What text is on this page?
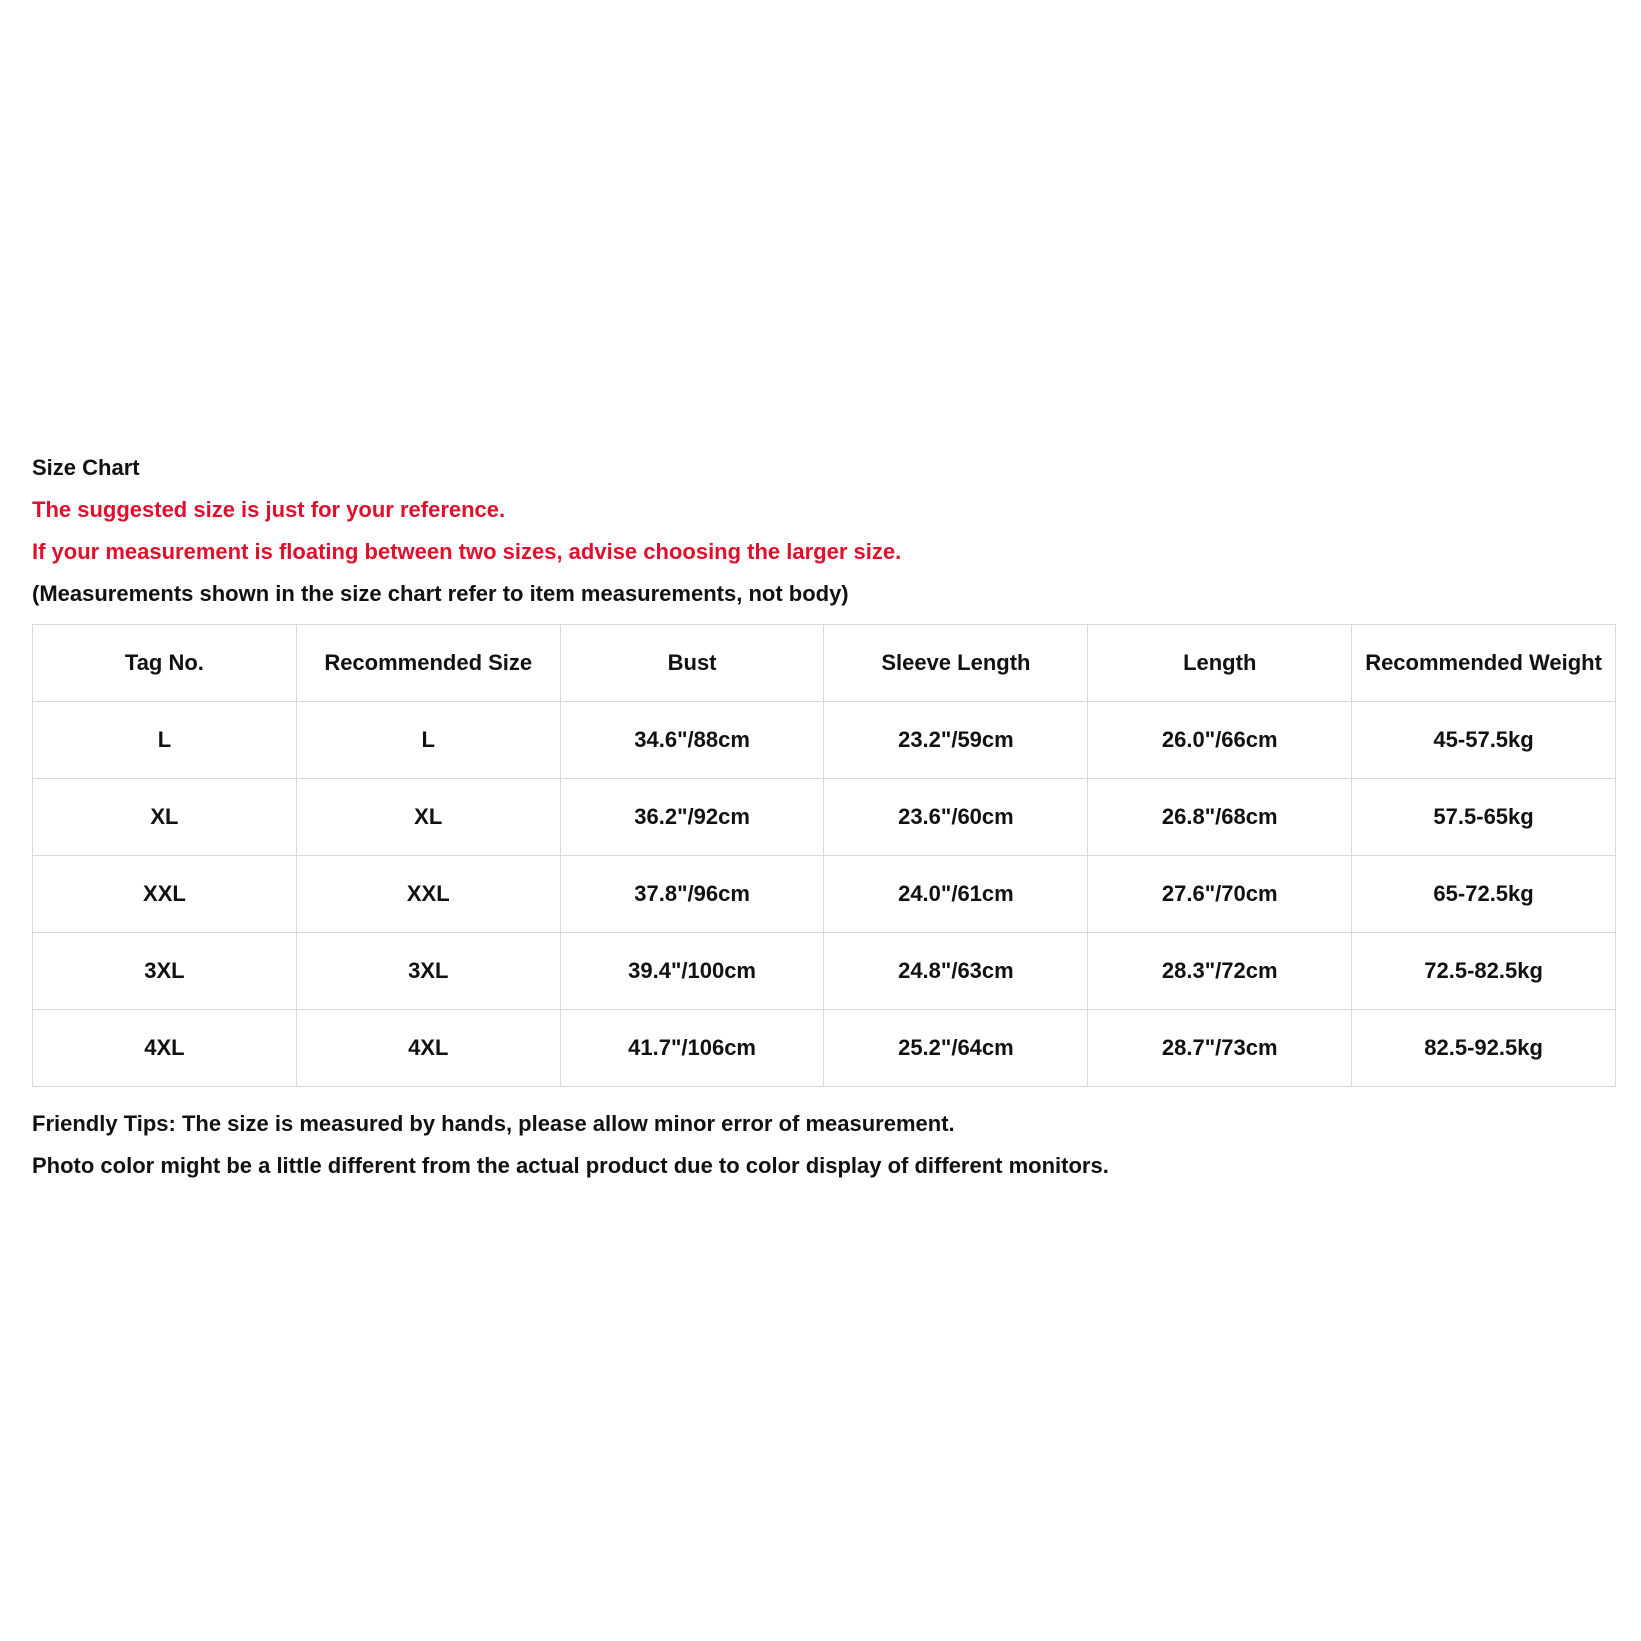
Size Chart
The suggested size is just for your reference.
If your measurement is floating between two sizes, advise choosing the larger size.
(Measurements shown in the size chart refer to item measurements, not body)
Tag No.	Recommended Size	Bust	Sleeve Length	Length	Recommended Weight
L	L	34.6"/88cm	23.2"/59cm	26.0"/66cm	45-57.5kg
XL	XL	36.2"/92cm	23.6"/60cm	26.8"/68cm	57.5-65kg
XXL	XXL	37.8"/96cm	24.0"/61cm	27.6"/70cm	65-72.5kg
3XL	3XL	39.4"/100cm	24.8"/63cm	28.3"/72cm	72.5-82.5kg
4XL	4XL	41.7"/106cm	25.2"/64cm	28.7"/73cm	82.5-92.5kg
Friendly Tips: The size is measured by hands, please allow minor error of measurement.
Photo color might be a little different from the actual product due to color display of different monitors.
